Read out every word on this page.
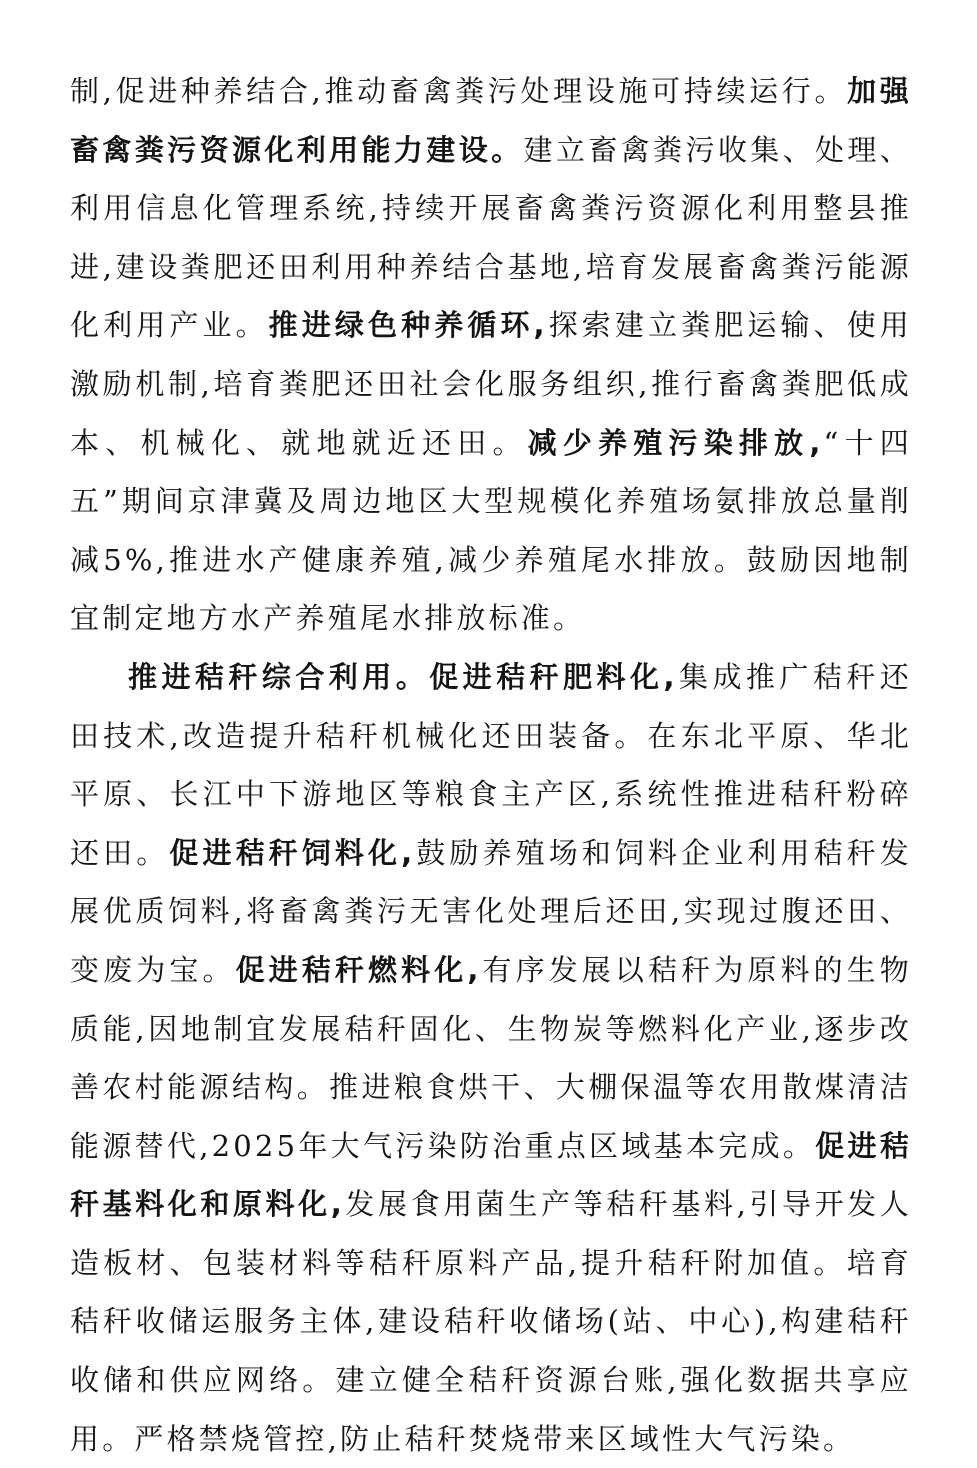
制,促进种养结合,推动畜禽粪污处理设施可持续运行。加强畜禽粪污资源化利用能力建设。建立畜禽粪污收集、处理、利用信息化管理系统,持续开展畜禽粪污资源化利用整县推进,建设粪肥还田利用种养结合基地,培育发展畜禽粪污能源化利用产业。推进绿色种养循环,探索建立粪肥运输、使用激励机制,培育粪肥还田社会化服务组织,推行畜禽粪肥低成本、机械化、就地就近还田。减少养殖污染排放,“十四五”期间京津冀及周边地区大型规模化养殖场氨排放总量削减5%,推进水产健康养殖,减少养殖尾水排放。鼓励因地制宜制定地方水产养殖尾水排放标准。

推进秸秆综合利用。促进秸秆肥料化,集成推广秸秆还田技术,改造提升秸秆机械化还田装备。在东北平原、华北平原、长江中下游地区等粮食主产区,系统性推进秸秆粉碎还田。促进秸秆饲料化,鼓励养殖场和饲料企业利用秸秆发展优质饲料,将畜禽粪污无害化处理后还田,实现过腹还田、变废为宝。促进秸秆燃料化,有序发展以秸秆为原料的生物质能,因地制宜发展秸秆固化、生物炭等燃料化产业,逐步改善农村能源结构。推进粮食烘干、大棚保温等农用散煤清洁能源替代,2025年大气污染防治重点区域基本完成。促进秸秆基料化和原料化,发展食用菌生产等秸秆基料,引导开发人造板材、包装材料等秸秆原料产品,提升秸秆附加值。培育秸秆收储运服务主体,建设秸秆收储场(站、中心),构建秸秆收储和供应网络。建立健全秸秆资源台账,强化数据共享应用。严格禁烧管控,防止秸秆焚烧带来区域性大气污染。
